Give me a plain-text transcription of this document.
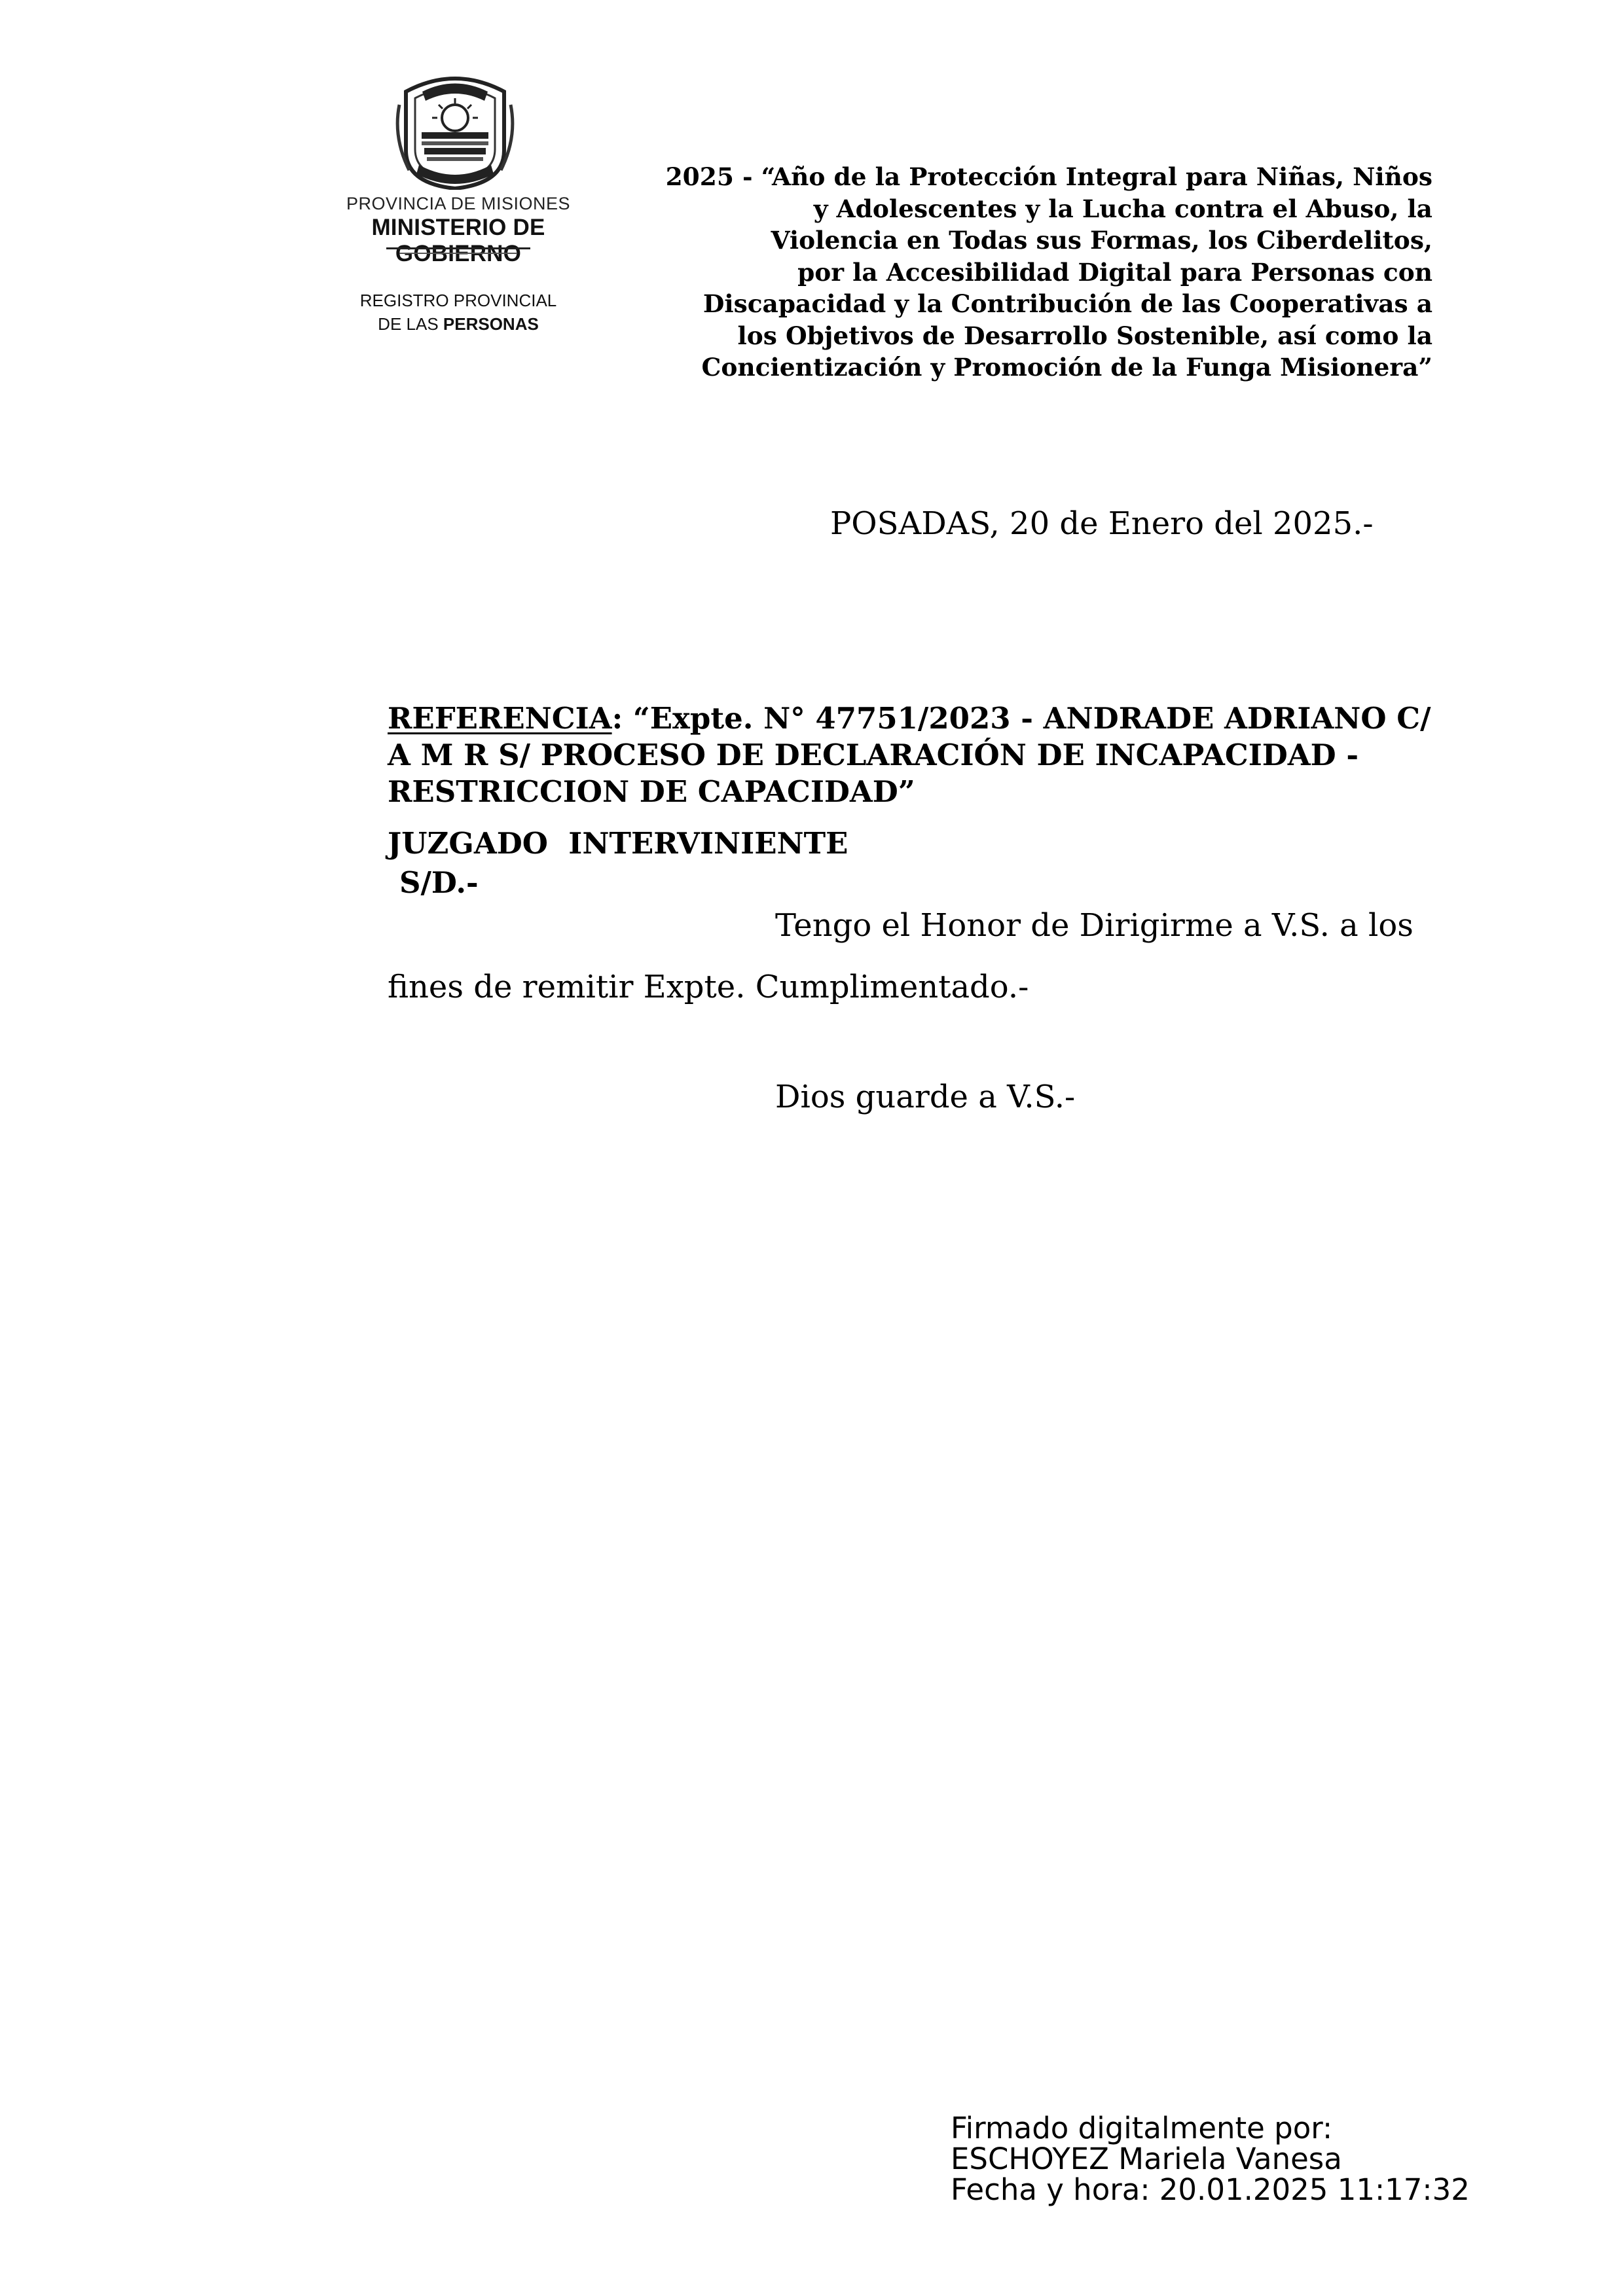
PROVINCIA DE MISIONES
MINISTERIO DE GOBIERNO
REGISTRO PROVINCIAL
DE LAS PERSONAS
2025 - “Año de la Protección Integral para Niñas, Niños
y Adolescentes y la Lucha contra el Abuso, la
Violencia en Todas sus Formas, los Ciberdelitos,
por la Accesibilidad Digital para Personas con
Discapacidad y la Contribución de las Cooperativas a
los Objetivos de Desarrollo Sostenible, así como la
Concientización y Promoción de la Funga Misionera”
POSADAS, 20 de Enero del 2025.-
REFERENCIA: “Expte. N° 47751/2023 - ANDRADE ADRIANO C/
A M R S/ PROCESO DE DECLARACIÓN DE INCAPACIDAD -
RESTRICCION DE CAPACIDAD”
JUZGADO  INTERVINIENTE
S/D.-
Tengo el Honor de Dirigirme a V.S. a los
fines de remitir Expte. Cumplimentado.-
Dios guarde a V.S.-
Firmado digitalmente por:
ESCHOYEZ Mariela Vanesa
Fecha y hora: 20.01.2025 11:17:32
